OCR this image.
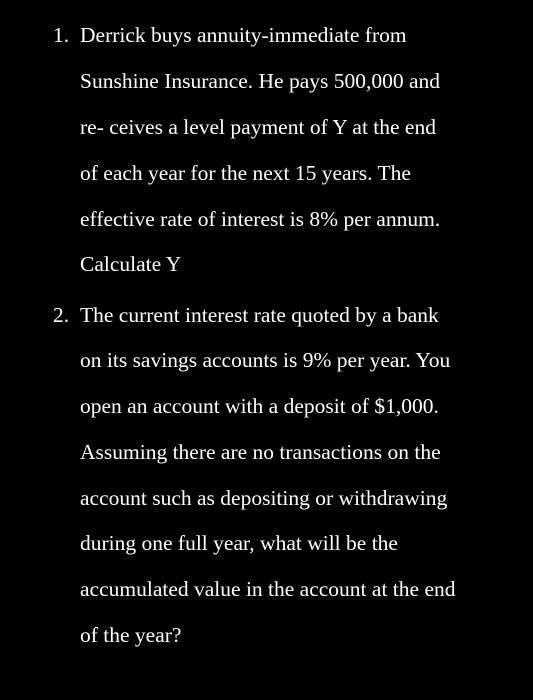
1. Derrick buys annuity-immediate from
Sunshine Insurance. He pays 500,000 and
re- ceives a level payment of Y at the end
of each year for the next 15 years. The
effective rate of interest is 8% per annum.
Calculate Y
2. The current interest rate quoted by a bank
on its savings accounts is 9% per year. You
open an account with a deposit of $1,000.
Assuming there are no transactions on the
account such as depositing or withdrawing
during one full year, what will be the
accumulated value in the account at the end
of the year?
